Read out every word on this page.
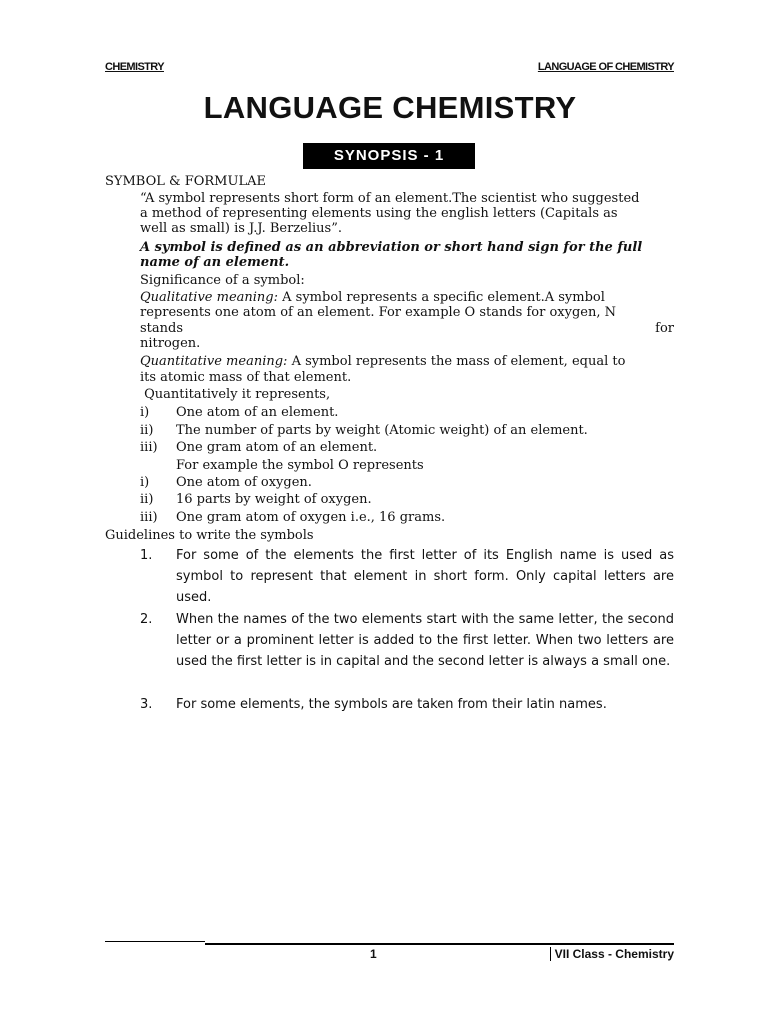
CHEMISTRY	LANGUAGE OF CHEMISTRY
LANGUAGE CHEMISTRY
SYNOPSIS - 1
SYMBOL & FORMULAE
“A symbol represents short form of an element.The scientist who suggested
a method of representing elements using the english letters (Capitals as
well as small) is J.J. Berzelius”.
A symbol is defined as an abbreviation or short hand sign for the full
name of an element.
Significance of a symbol:
Qualitative meaning: A symbol represents a specific element.A symbol
represents one atom of an element. For example O stands for oxygen, N
stands	for
nitrogen.
Quantitative meaning: A symbol represents the mass of element, equal to
its atomic mass of that element.
Quantitatively it represents,
i) One atom of an element.
ii) The number of parts by weight (Atomic weight) of an element.
iii) One gram atom of an element.
For example the symbol O represents
i) One atom of oxygen.
ii) 16 parts by weight of oxygen.
iii) One gram atom of oxygen i.e., 16 grams.
Guidelines to write the symbols
1. For some of the elements the first letter of its English name is used as symbol to represent that element in short form. Only capital letters are used.
2. When the names of the two elements start with the same letter, the second letter or a prominent letter is added to the first letter. When two letters are used the first letter is in capital and the second letter is always a small one.
3. For some elements, the symbols are taken from their latin names.
1	VII Class - Chemistry
